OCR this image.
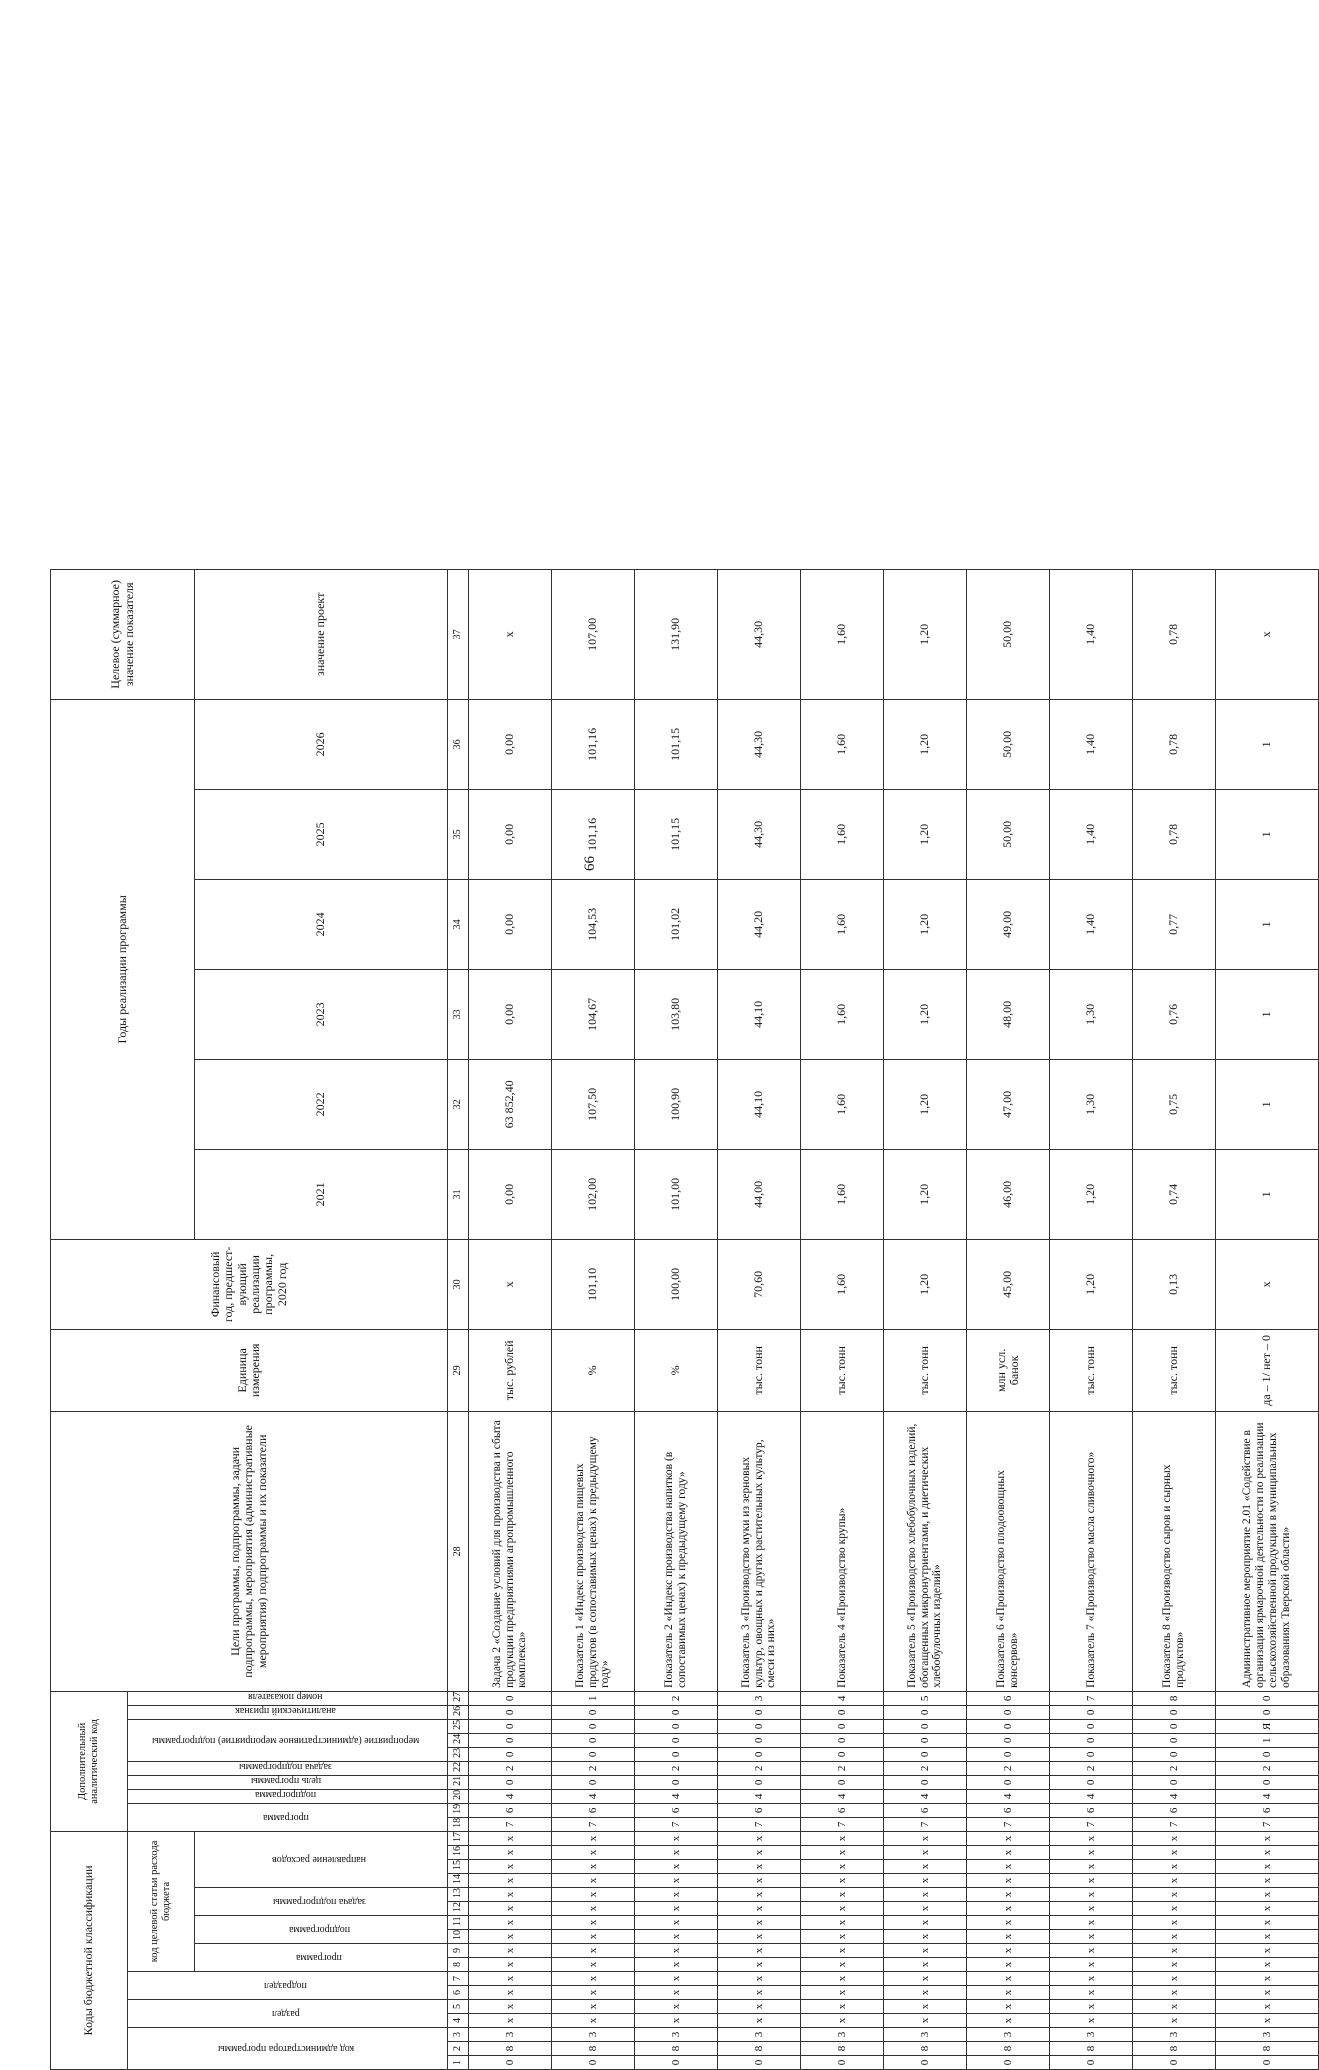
66
Коды бюджетной классификации																	Дополнительный аналитический код										Цели программы, подпрограммы, задачи подпрограммы, мероприятия (административные мероприятия) подпрограммы и их показатели	Единица измерения	Финансовый год, предшест-вующий реализации программы, 2020 год	Годы реализации программы						Целевое (суммарное) значение показателя
код администратора программы			раздел		подраздел		код целевой статьи расхода бюджета										программа		подпрограмма	цель программы	задача подпрограммы	мероприятие (административное мероприятие) подпрограммы			аналитический признак	номер показателя										
							программа		подпрограмма		задача подпрограммы		направление расходов																	2021	2022	2023	2024	2025	2026	значение проект
1	2	3	4	5	6	7	8	9	10	11	12	13	14	15	16	17	18	19	20	21	22	23	24	25	26	27	28	29	30	31	32	33	34	35	36	37
0	8	3	x	x	x	x	x	x	x	x	x	x	x	x	x	x	7	6	4	0	2	0	0	0	0	0	Задача 2 «Создание условий для производства и сбыта продукции предприятиями агропромышленного комплекса»	тыс. рублей	x	0,00	63 852,40	0,00	0,00	0,00	0,00	x
0	8	3	x	x	x	x	x	x	x	x	x	x	x	x	x	x	7	6	4	0	2	0	0	0	0	1	Показатель 1 «Индекс производства пищевых продуктов (в сопоставимых ценах) к предыдущему году»	%	101,10	102,00	107,50	104,67	104,53	101,16	101,16	107,00
0	8	3	x	x	x	x	x	x	x	x	x	x	x	x	x	x	7	6	4	0	2	0	0	0	0	2	Показатель 2 «Индекс производства напитков (в сопоставимых ценах) к предыдущему году»	%	100,00	101,00	100,90	103,80	101,02	101,15	101,15	131,90
0	8	3	x	x	x	x	x	x	x	x	x	x	x	x	x	x	7	6	4	0	2	0	0	0	0	3	Показатель 3 «Производство муки из зерновых культур, овощных и других растительных культур, смеси из них»	тыс. тонн	70,60	44,00	44,10	44,10	44,20	44,30	44,30	44,30
0	8	3	x	x	x	x	x	x	x	x	x	x	x	x	x	x	7	6	4	0	2	0	0	0	0	4	Показатель 4 «Производство крупы»	тыс. тонн	1,60	1,60	1,60	1,60	1,60	1,60	1,60	1,60
0	8	3	x	x	x	x	x	x	x	x	x	x	x	x	x	x	7	6	4	0	2	0	0	0	0	5	Показатель 5 «Производство хлебобулочных изделий, обогащенных микронутриентами, и диетических хлебобулочных изделий»	тыс. тонн	1,20	1,20	1,20	1,20	1,20	1,20	1,20	1,20
0	8	3	x	x	x	x	x	x	x	x	x	x	x	x	x	x	7	6	4	0	2	0	0	0	0	6	Показатель 6 «Производство плодоовощных консервов»	млн усл. банок	45,00	46,00	47,00	48,00	49,00	50,00	50,00	50,00
0	8	3	x	x	x	x	x	x	x	x	x	x	x	x	x	x	7	6	4	0	2	0	0	0	0	7	Показатель 7 «Производство масла сливочного»	тыс. тонн	1,20	1,20	1,30	1,30	1,40	1,40	1,40	1,40
0	8	3	x	x	x	x	x	x	x	x	x	x	x	x	x	x	7	6	4	0	2	0	0	0	0	8	Показатель 8 «Производство сыров и сырных продуктов»	тыс. тонн	0,13	0,74	0,75	0,76	0,77	0,78	0,78	0,78
0	8	3	x	x	x	x	x	x	x	x	x	x	x	x	x	x	7	6	4	0	2	0	1	Я	0	0	Административное мероприятие 2.01 «Содействие в организации ярмарочной деятельности по реализации сельскохозяйственной продукции в муниципальных образованиях Тверской области»	да – 1/ нет – 0	x	1	1	1	1	1	1	x
